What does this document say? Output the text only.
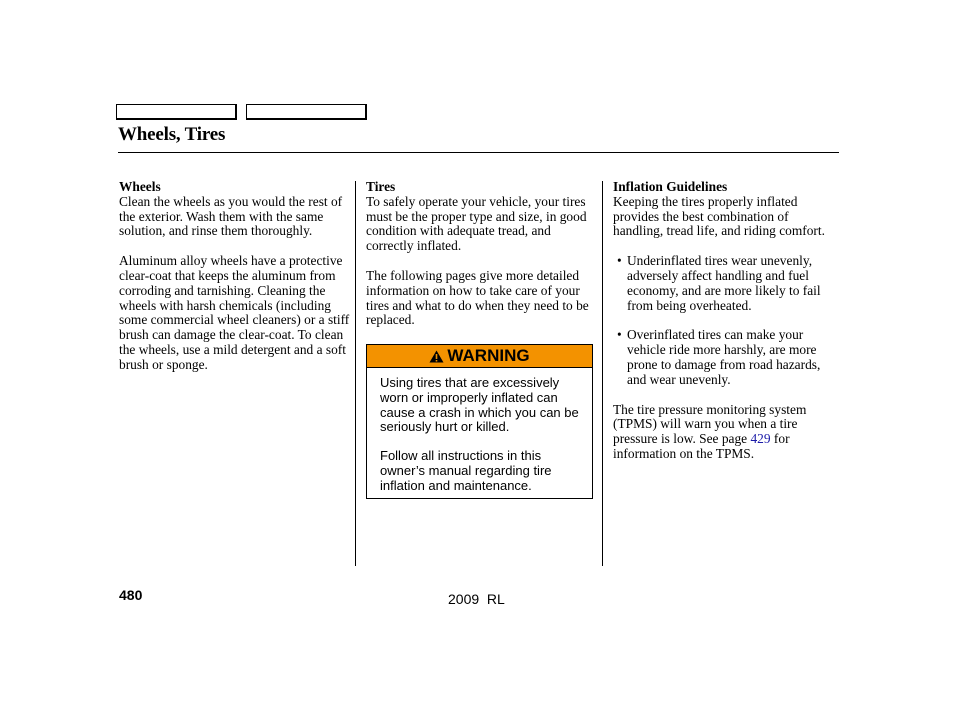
Wheels, Tires
Wheels

Clean the wheels as you would the rest of the exterior. Wash them with the same solution, and rinse them thoroughly.

Aluminum alloy wheels have a protective clear-coat that keeps the aluminum from corroding and tarnishing. Cleaning the wheels with harsh chemicals (including some commercial wheel cleaners) or a stiff brush can damage the clear-coat. To clean the wheels, use a mild detergent and a soft brush or sponge.

Tires

To safely operate your vehicle, your tires must be the proper type and size, in good condition with adequate tread, and correctly inflated.

The following pages give more detailed information on how to take care of your tires and what to do when they need to be replaced.

WARNING

Using tires that are excessively worn or improperly inflated can cause a crash in which you can be seriously hurt or killed.

Follow all instructions in this owner’s manual regarding tire inflation and maintenance.

Inflation Guidelines

Keeping the tires properly inflated provides the best combination of handling, tread life, and riding comfort.

• Underinflated tires wear unevenly, adversely affect handling and fuel economy, and are more likely to fail from being overheated.

• Overinflated tires can make your vehicle ride more harshly, are more prone to damage from road hazards, and wear unevenly.

The tire pressure monitoring system (TPMS) will warn you when a tire pressure is low. See page 429 for information on the TPMS.

480	2009  RL
